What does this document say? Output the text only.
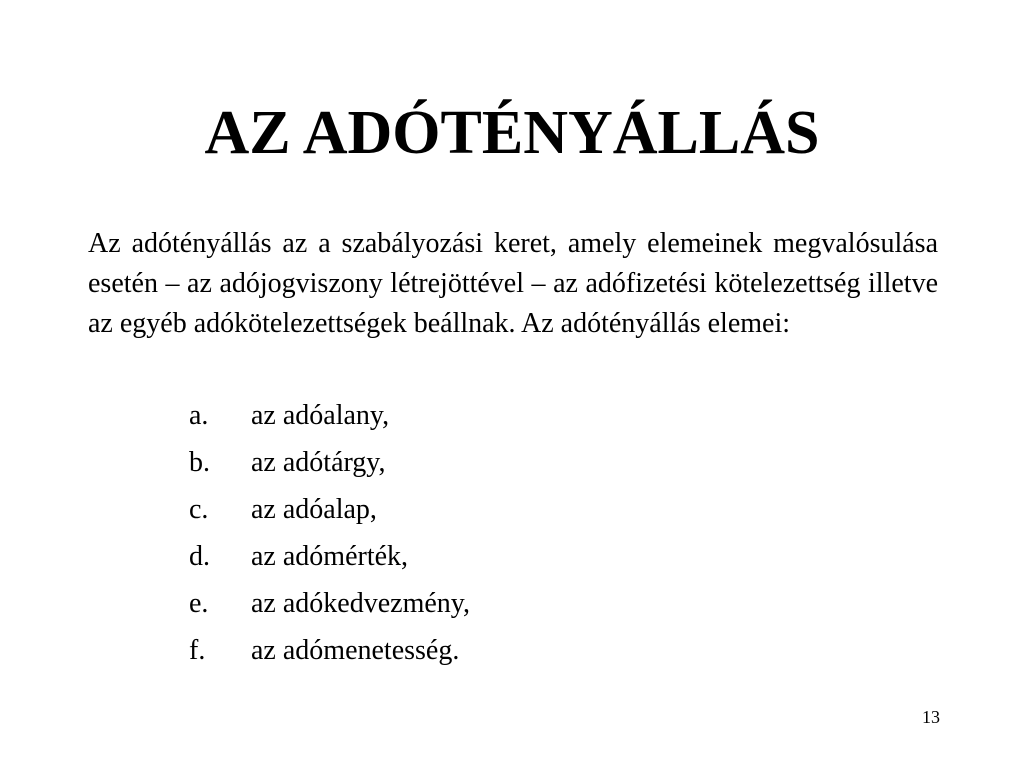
AZ ADÓTÉNYÁLLÁS

Az adótényállás az a szabályozási keret, amely elemeinek megvalósulása esetén – az adójogviszony létrejöttével – az adófizetési kötelezettség illetve az egyéb adókötelezettségek beállnak. Az adótényállás elemei:

a.	az adóalany,
b.	az adótárgy,
c.	az adóalap,
d.	az adómérték,
e.	az adókedvezmény,
f.	az adómenetesség.
13
